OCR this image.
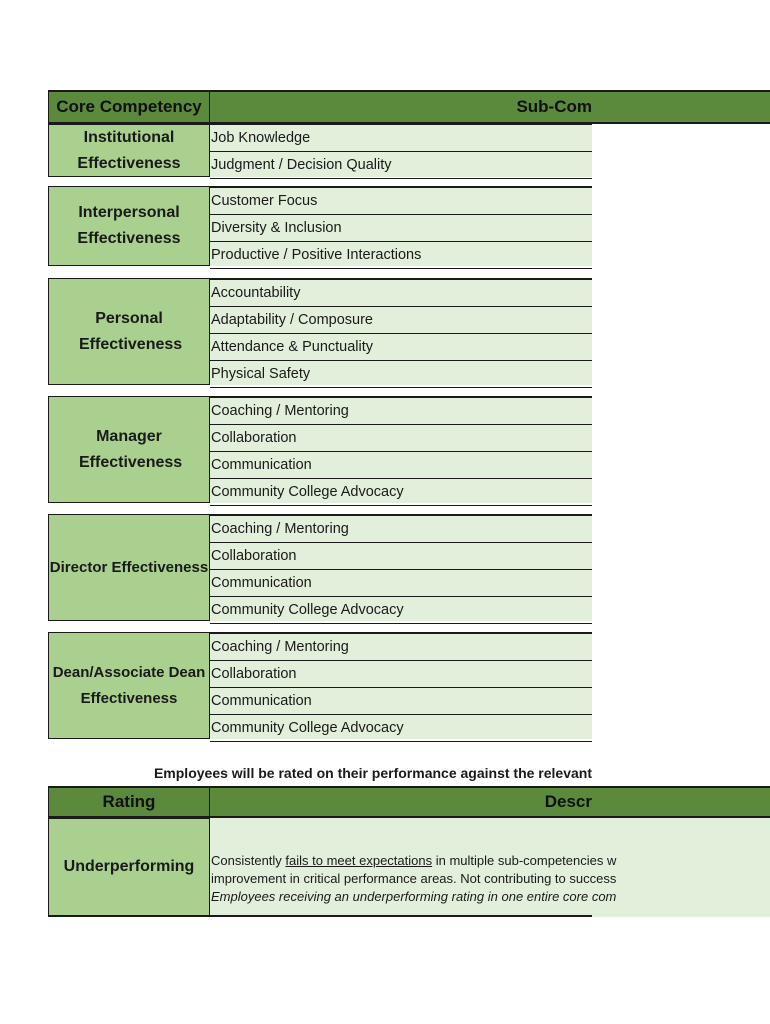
Core Competency	Sub-Com
Institutional Effectiveness
Job Knowledge
Judgment / Decision Quality
Interpersonal Effectiveness
Customer Focus
Diversity & Inclusion
Productive / Positive Interactions
Personal Effectiveness
Accountability
Adaptability / Composure
Attendance & Punctuality
Physical Safety
Manager Effectiveness
Coaching / Mentoring
Collaboration
Communication
Community College Advocacy
Director Effectiveness
Coaching / Mentoring
Collaboration
Communication
Community College Advocacy
Dean/Associate Dean Effectiveness
Coaching / Mentoring
Collaboration
Communication
Community College Advocacy
Employees will be rated on their performance against the relevant
Rating	Descr
Underperforming Consistently fails to meet expectations in multiple sub-competencies w
improvement in critical performance areas. Not contributing to success
Employees receiving an underperforming rating in one entire core com
